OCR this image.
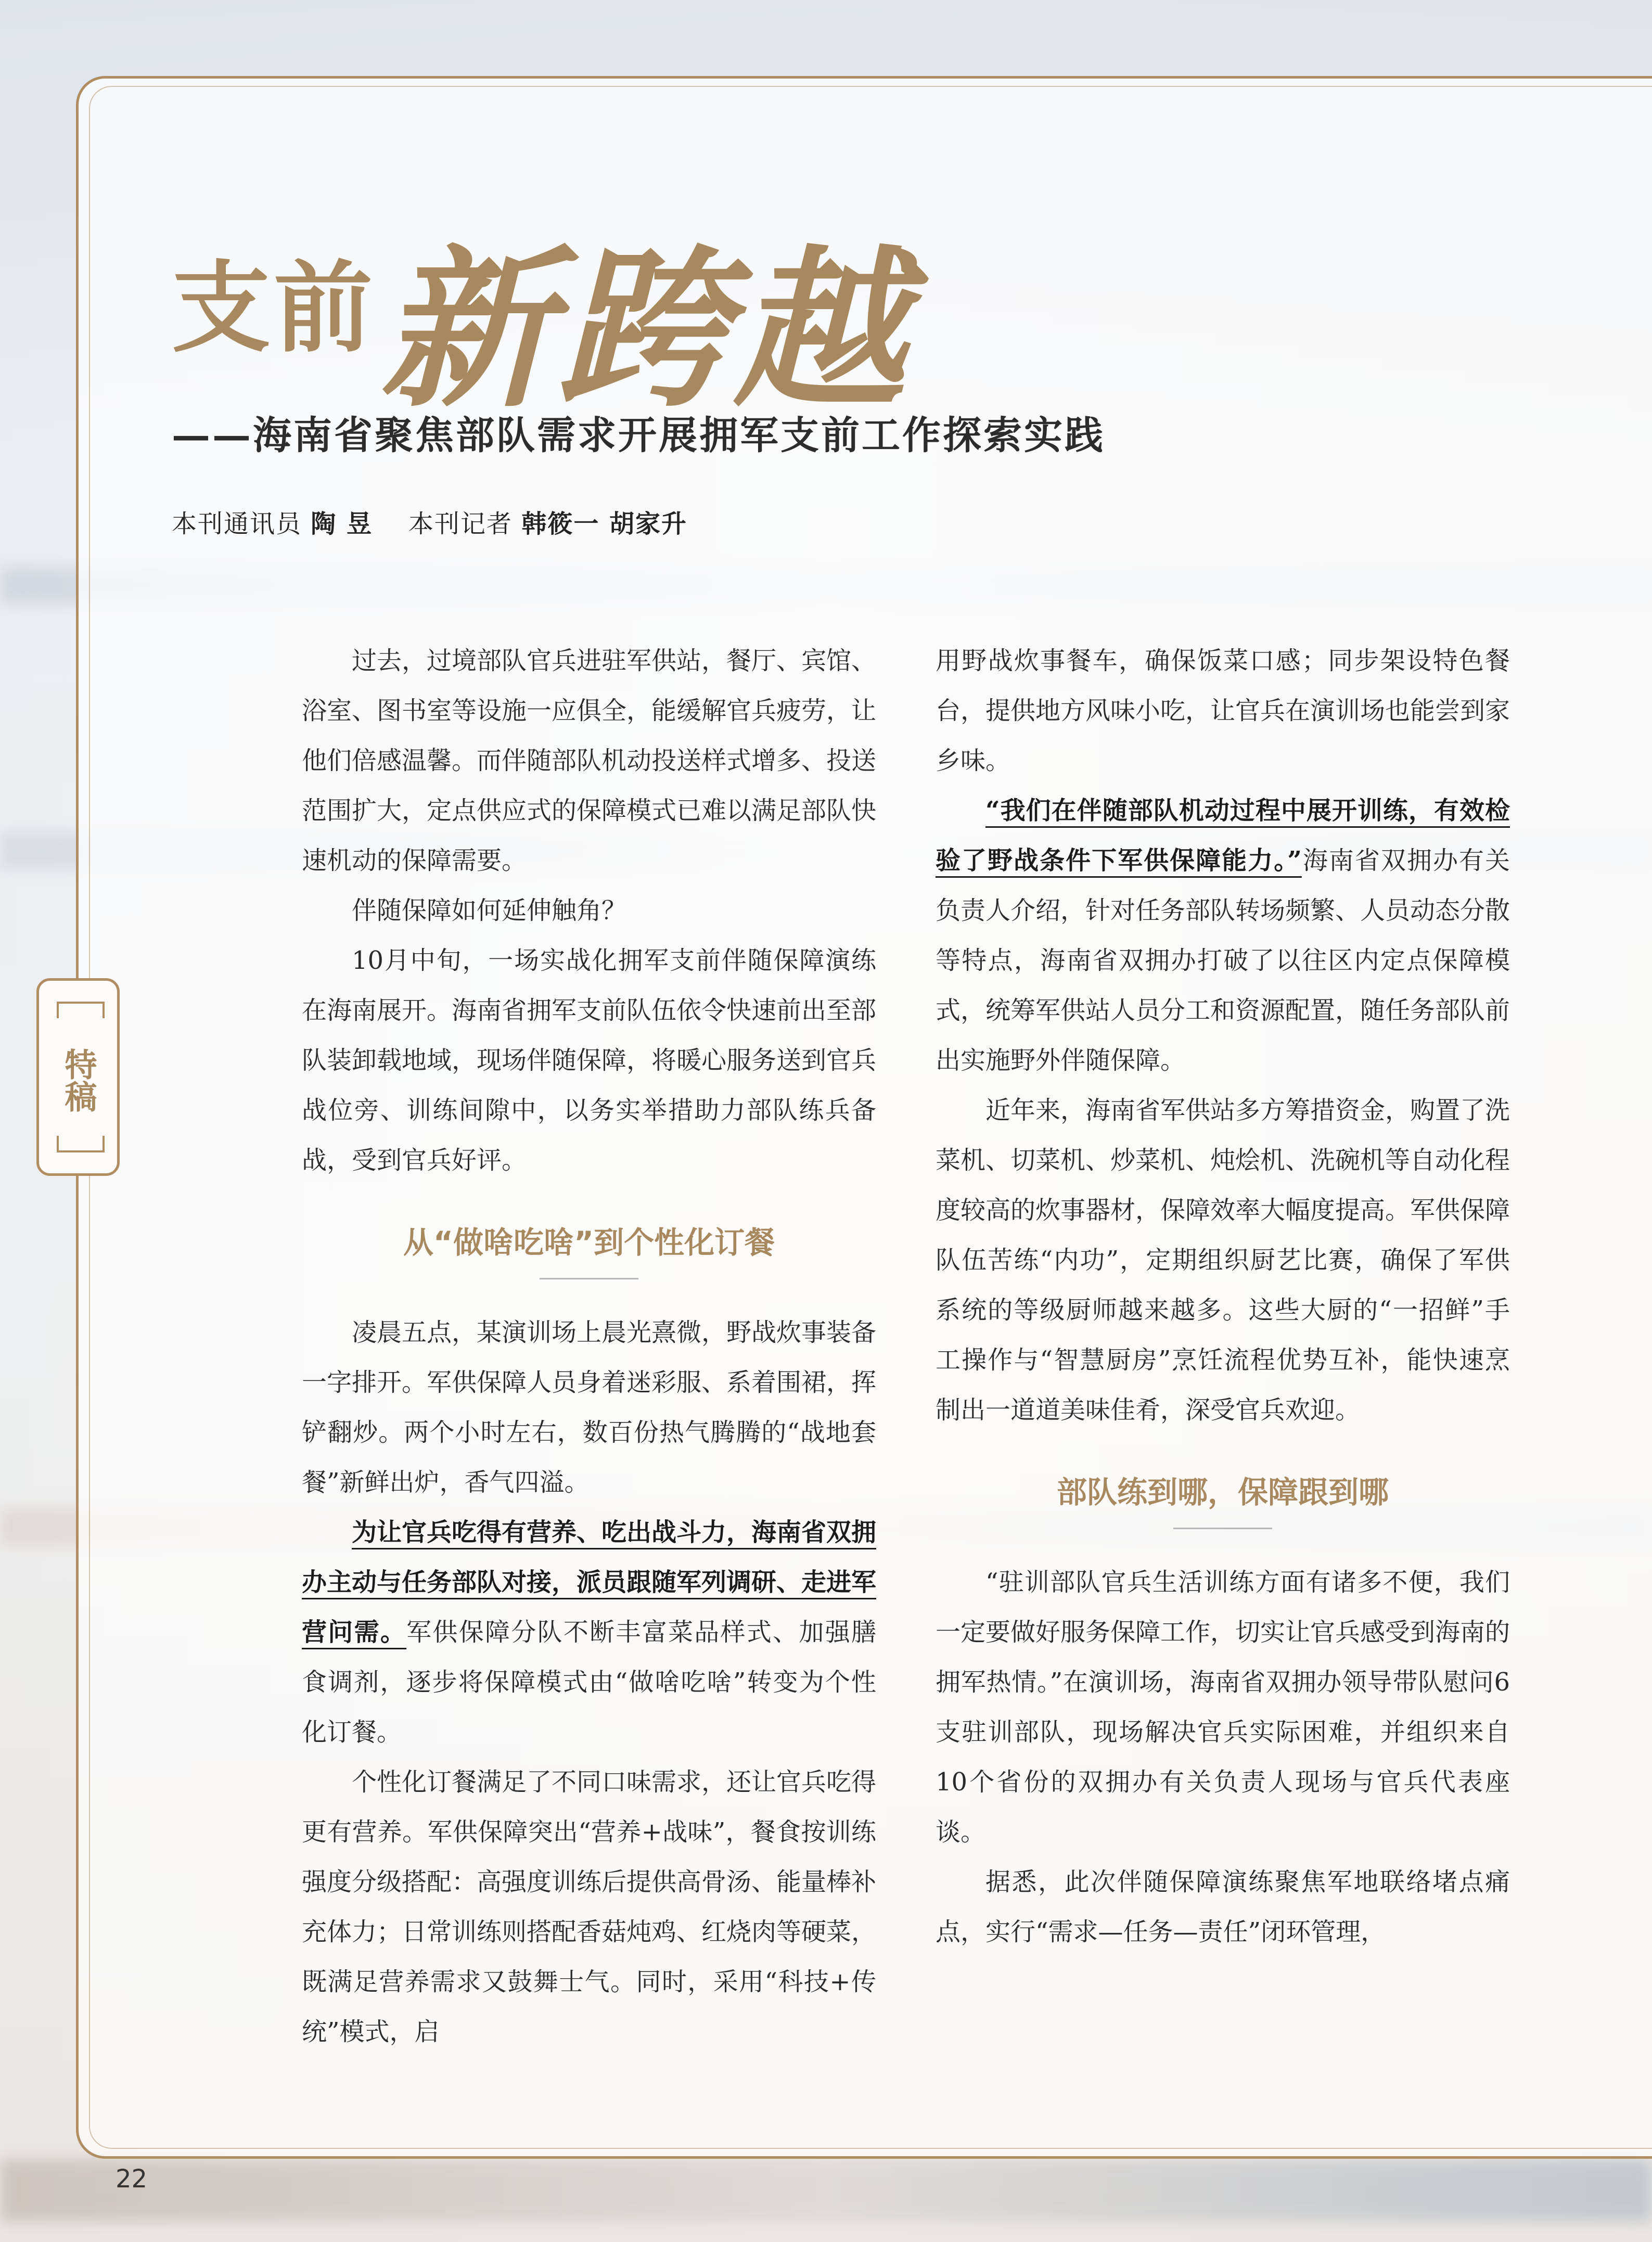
特稿
支前 新跨越
——海南省聚焦部队需求开展拥军支前工作探索实践
本刊通讯员 陶 昱 本刊记者 韩筱一 胡家升

过去，过境部队官兵进驻军供站，餐厅、宾馆、浴室、图书室等设施一应俱全，能缓解官兵疲劳，让他们倍感温馨。而伴随部队机动投送样式增多、投送范围扩大，定点供应式的保障模式已难以满足部队快速机动的保障需要。

伴随保障如何延伸触角？

10月中旬，一场实战化拥军支前伴随保障演练在海南展开。海南省拥军支前队伍依令快速前出至部队装卸载地域，现场伴随保障，将暖心服务送到官兵战位旁、训练间隙中，以务实举措助力部队练兵备战，受到官兵好评。

从“做啥吃啥”到个性化订餐

凌晨五点，某演训场上晨光熹微，野战炊事装备一字排开。军供保障人员身着迷彩服、系着围裙，挥铲翻炒。两个小时左右，数百份热气腾腾的“战地套餐”新鲜出炉，香气四溢。

为让官兵吃得有营养、吃出战斗力，海南省双拥办主动与任务部队对接，派员跟随军列调研、走进军营问需。军供保障分队不断丰富菜品样式、加强膳食调剂，逐步将保障模式由“做啥吃啥”转变为个性化订餐。

个性化订餐满足了不同口味需求，还让官兵吃得更有营养。军供保障突出“营养+战味”，餐食按训练强度分级搭配：高强度训练后提供高骨汤、能量棒补充体力；日常训练则搭配香菇炖鸡、红烧肉等硬菜，既满足营养需求又鼓舞士气。同时，采用“科技+传统”模式，启

用野战炊事餐车，确保饭菜口感；同步架设特色餐台，提供地方风味小吃，让官兵在演训场也能尝到家乡味。

“我们在伴随部队机动过程中展开训练，有效检验了野战条件下军供保障能力。”海南省双拥办有关负责人介绍，针对任务部队转场频繁、人员动态分散等特点，海南省双拥办打破了以往区内定点保障模式，统筹军供站人员分工和资源配置，随任务部队前出实施野外伴随保障。

近年来，海南省军供站多方筹措资金，购置了洗菜机、切菜机、炒菜机、炖烩机、洗碗机等自动化程度较高的炊事器材，保障效率大幅度提高。军供保障队伍苦练“内功”，定期组织厨艺比赛，确保了军供系统的等级厨师越来越多。这些大厨的“一招鲜”手工操作与“智慧厨房”烹饪流程优势互补，能快速烹制出一道道美味佳肴，深受官兵欢迎。

部队练到哪，保障跟到哪

“驻训部队官兵生活训练方面有诸多不便，我们一定要做好服务保障工作，切实让官兵感受到海南的拥军热情。”在演训场，海南省双拥办领导带队慰问6支驻训部队，现场解决官兵实际困难，并组织来自10个省份的双拥办有关负责人现场与官兵代表座谈。

据悉，此次伴随保障演练聚焦军地联络堵点痛点，实行“需求—任务—责任”闭环管理，

22
